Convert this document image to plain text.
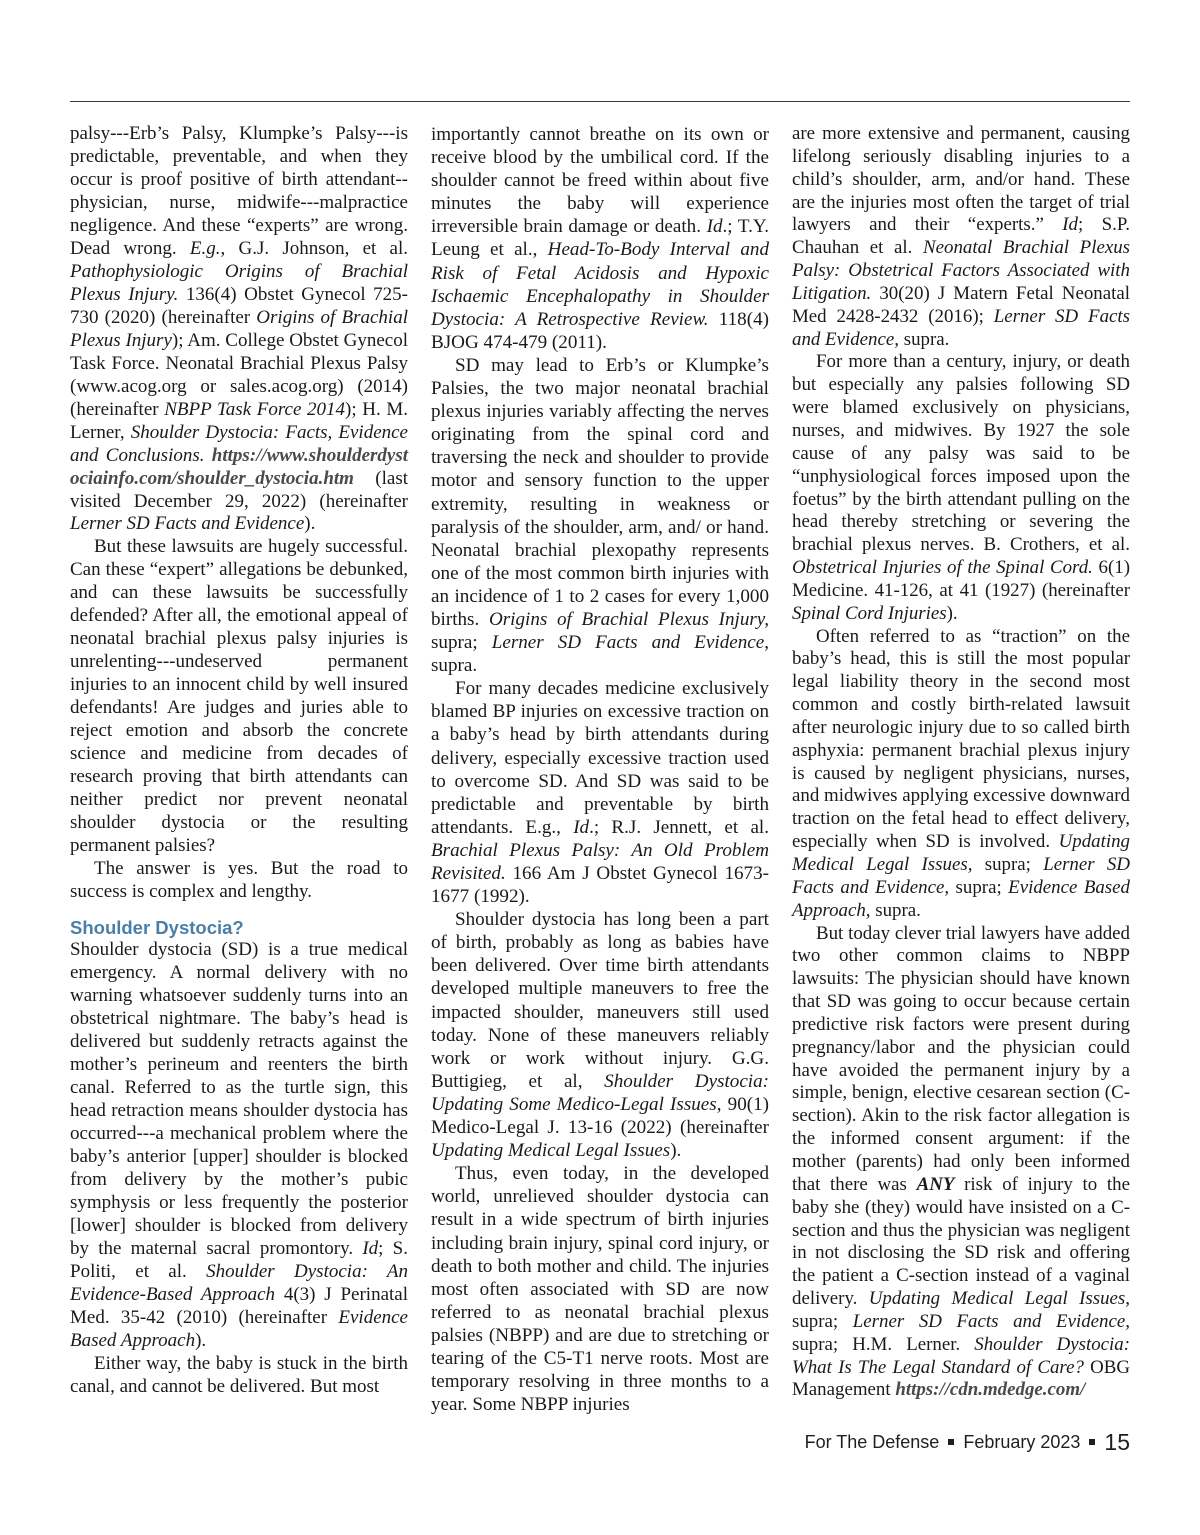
palsy---Erb’s Palsy, Klumpke’s Palsy---is predictable, preventable, and when they occur is proof positive of birth attendant--physician, nurse, midwife---malpractice negligence. And these “experts” are wrong. Dead wrong. E.g., G.J. Johnson, et al. Pathophysiologic Origins of Brachial Plexus Injury. 136(4) Obstet Gynecol 725-730 (2020) (hereinafter Origins of Brachial Plexus Injury); Am. College Obstet Gynecol Task Force. Neonatal Brachial Plexus Palsy (www.acog.org or sales.acog.org) (2014) (hereinafter NBPP Task Force 2014); H. M. Lerner, Shoulder Dystocia: Facts, Evidence and Conclusions. https://www.shoulderdystociainfo.com/shoulder_dystocia.htm (last visited December 29, 2022) (hereinafter Lerner SD Facts and Evidence).

But these lawsuits are hugely successful. Can these “expert” allegations be debunked, and can these lawsuits be successfully defended? After all, the emotional appeal of neonatal brachial plexus palsy injuries is unrelenting---undeserved permanent injuries to an innocent child by well insured defendants! Are judges and juries able to reject emotion and absorb the concrete science and medicine from decades of research proving that birth attendants can neither predict nor prevent neonatal shoulder dystocia or the resulting permanent palsies?

The answer is yes. But the road to success is complex and lengthy.

Shoulder Dystocia?

Shoulder dystocia (SD) is a true medical emergency. A normal delivery with no warning whatsoever suddenly turns into an obstetrical nightmare. The baby’s head is delivered but suddenly retracts against the mother’s perineum and reenters the birth canal. Referred to as the turtle sign, this head retraction means shoulder dystocia has occurred---a mechanical problem where the baby’s anterior [upper] shoulder is blocked from delivery by the mother’s pubic symphysis or less frequently the posterior [lower] shoulder is blocked from delivery by the maternal sacral promontory. Id; S. Politi, et al. Shoulder Dystocia: An Evidence-Based Approach 4(3) J Perinatal Med. 35-42 (2010) (hereinafter Evidence Based Approach).

Either way, the baby is stuck in the birth canal, and cannot be delivered. But most

importantly cannot breathe on its own or receive blood by the umbilical cord. If the shoulder cannot be freed within about five minutes the baby will experience irreversible brain damage or death. Id.; T.Y. Leung et al., Head-To-Body Interval and Risk of Fetal Acidosis and Hypoxic Ischaemic Encephalopathy in Shoulder Dystocia: A Retrospective Review. 118(4) BJOG 474-479 (2011).

SD may lead to Erb’s or Klumpke’s Palsies, the two major neonatal brachial plexus injuries variably affecting the nerves originating from the spinal cord and traversing the neck and shoulder to provide motor and sensory function to the upper extremity, resulting in weakness or paralysis of the shoulder, arm, and/ or hand. Neonatal brachial plexopathy represents one of the most common birth injuries with an incidence of 1 to 2 cases for every 1,000 births. Origins of Brachial Plexus Injury, supra; Lerner SD Facts and Evidence, supra.

For many decades medicine exclusively blamed BP injuries on excessive traction on a baby’s head by birth attendants during delivery, especially excessive traction used to overcome SD. And SD was said to be predictable and preventable by birth attendants. E.g., Id.; R.J. Jennett, et al. Brachial Plexus Palsy: An Old Problem Revisited. 166 Am J Obstet Gynecol 1673-1677 (1992).

Shoulder dystocia has long been a part of birth, probably as long as babies have been delivered. Over time birth attendants developed multiple maneuvers to free the impacted shoulder, maneuvers still used today. None of these maneuvers reliably work or work without injury. G.G. Buttigieg, et al, Shoulder Dystocia: Updating Some Medico-Legal Issues, 90(1) Medico-Legal J. 13-16 (2022) (hereinafter Updating Medical Legal Issues).

Thus, even today, in the developed world, unrelieved shoulder dystocia can result in a wide spectrum of birth injuries including brain injury, spinal cord injury, or death to both mother and child. The injuries most often associated with SD are now referred to as neonatal brachial plexus palsies (NBPP) and are due to stretching or tearing of the C5-T1 nerve roots. Most are temporary resolving in three months to a year. Some NBPP injuries

are more extensive and permanent, causing lifelong seriously disabling injuries to a child’s shoulder, arm, and/or hand. These are the injuries most often the target of trial lawyers and their “experts.” Id; S.P. Chauhan et al. Neonatal Brachial Plexus Palsy: Obstetrical Factors Associated with Litigation. 30(20) J Matern Fetal Neonatal Med 2428-2432 (2016); Lerner SD Facts and Evidence, supra.

For more than a century, injury, or death but especially any palsies following SD were blamed exclusively on physicians, nurses, and midwives. By 1927 the sole cause of any palsy was said to be “unphysiological forces imposed upon the foetus” by the birth attendant pulling on the head thereby stretching or severing the brachial plexus nerves. B. Crothers, et al. Obstetrical Injuries of the Spinal Cord. 6(1) Medicine. 41-126, at 41 (1927) (hereinafter Spinal Cord Injuries).

Often referred to as “traction” on the baby’s head, this is still the most popular legal liability theory in the second most common and costly birth-related lawsuit after neurologic injury due to so called birth asphyxia: permanent brachial plexus injury is caused by negligent physicians, nurses, and midwives applying excessive downward traction on the fetal head to effect delivery, especially when SD is involved. Updating Medical Legal Issues, supra; Lerner SD Facts and Evidence, supra; Evidence Based Approach, supra.

But today clever trial lawyers have added two other common claims to NBPP lawsuits: The physician should have known that SD was going to occur because certain predictive risk factors were present during pregnancy/labor and the physician could have avoided the permanent injury by a simple, benign, elective cesarean section (C-section). Akin to the risk factor allegation is the informed consent argument: if the mother (parents) had only been informed that there was ANY risk of injury to the baby she (they) would have insisted on a C-section and thus the physician was negligent in not disclosing the SD risk and offering the patient a C-section instead of a vaginal delivery. Updating Medical Legal Issues, supra; Lerner SD Facts and Evidence, supra; H.M. Lerner. Shoulder Dystocia: What Is The Legal Standard of Care? OBG Management https://cdn.mdedge.com/

For The Defense February 2023 15
